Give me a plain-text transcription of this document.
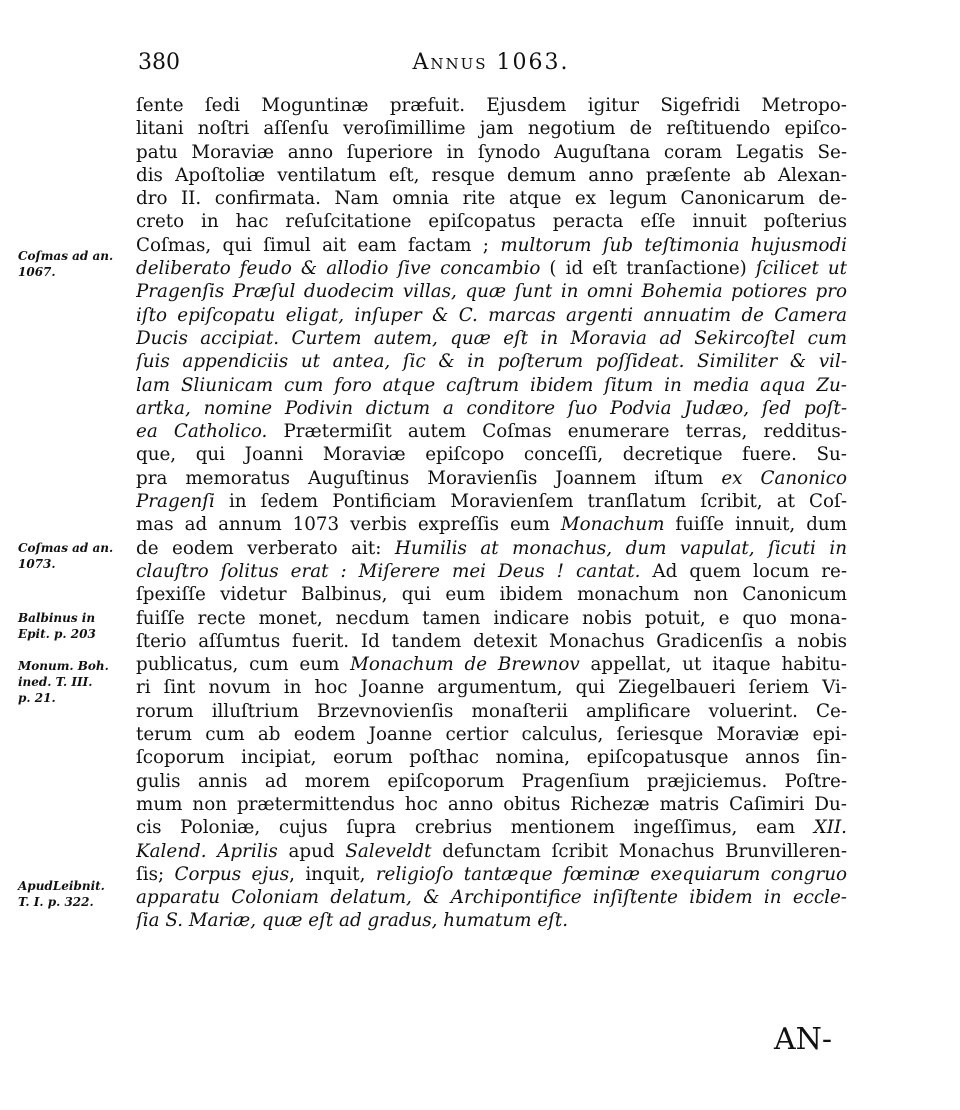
380	Annus 1063.
Coſmas ad an.
1067.
Coſmas ad an.
1073.
Balbinus in
Epit. p. 203
Monum. Boh.
ined. T. III.
p. 21.
ApudLeibnit.
T. I. p. 322.
ſente ſedi Moguntinæ præfuit. Ejusdem igitur Sigefridi Metropo-
litani noſtri aſſenſu veroſimillime jam negotium de reſtituendo epiſco-
patu Moraviæ anno ſuperiore in ſynodo Auguſtana coram Legatis Se-
dis Apoſtoliæ ventilatum eſt, resque demum anno præſente ab Alexan-
dro II. confirmata. Nam omnia rite atque ex legum Canonicarum de-
creto in hac reſuſcitatione epiſcopatus peracta eſſe innuit poſterius
Coſmas, qui ſimul ait eam factam ; multorum ſub teſtimonia hujusmodi
deliberato feudo & allodio ſive concambio ( id eſt tranſactione) ſcilicet ut
Pragenſis Præſul duodecim villas, quæ ſunt in omni Bohemia potiores pro
iſto epiſcopatu eligat, inſuper & C. marcas argenti annuatim de Camera
Ducis accipiat. Curtem autem, quæ eſt in Moravia ad Sekircoſtel cum
ſuis appendiciis ut antea, ſic & in poſterum poſſideat. Similiter & vil-
lam Sliunicam cum foro atque caſtrum ibidem ſitum in media aqua Zu-
artka, nomine Podivin dictum a conditore ſuo Podvia Judæo, ſed poſt-
ea Catholico. Prætermiſit autem Coſmas enumerare terras, redditus-
que, qui Joanni Moraviæ epiſcopo conceſſi, decretique fuere. Su-
pra memoratus Auguſtinus Moravienſis Joannem iſtum ex Canonico
Pragenſi in ſedem Pontificiam Moravienſem tranſlatum ſcribit, at Coſ-
mas ad annum 1073 verbis expreſſis eum Monachum fuiſſe innuit, dum
de eodem verberato ait: Humilis at monachus, dum vapulat, ſicuti in
clauſtro ſolitus erat : Miſerere mei Deus ! cantat. Ad quem locum re-
ſpexiſſe videtur Balbinus, qui eum ibidem monachum non Canonicum
fuiſſe recte monet, necdum tamen indicare nobis potuit, e quo mona-
ſterio aſſumtus fuerit. Id tandem detexit Monachus Gradicenſis a nobis
publicatus, cum eum Monachum de Brewnov appellat, ut itaque habitu-
ri ſint novum in hoc Joanne argumentum, qui Ziegelbaueri ſeriem Vi-
rorum illuſtrium Brzevnovienſis monaſterii amplificare voluerint. Ce-
terum cum ab eodem Joanne certior calculus, ſeriesque Moraviæ epi-
ſcoporum incipiat, eorum poſthac nomina, epiſcopatusque annos ſin-
gulis annis ad morem epiſcoporum Pragenſium præjiciemus. Poſtre-
mum non prætermittendus hoc anno obitus Richezæ matris Caſimiri Du-
cis Poloniæ, cujus ſupra crebrius mentionem ingeſſimus, eam XII.
Kalend. Aprilis apud Saleveldt defunctam ſcribit Monachus Brunvilleren-
ſis; Corpus ejus, inquit, religioſo tantæque fœminæ exequiarum congruo
apparatu Coloniam delatum, & Archipontifice inſiſtente ibidem in eccle-
ſia S. Mariæ, quæ eſt ad gradus, humatum eſt.
AN-
